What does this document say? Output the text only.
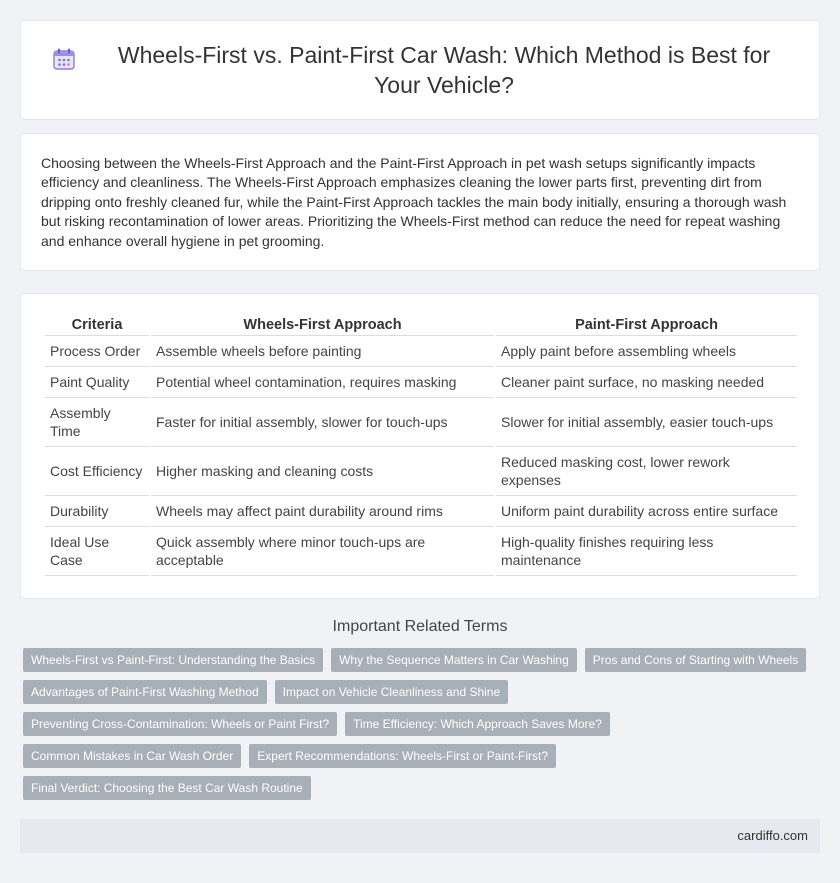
Wheels-First vs. Paint-First Car Wash: Which Method is Best for Your Vehicle?

Choosing between the Wheels-First Approach and the Paint-First Approach in pet wash setups significantly impacts efficiency and cleanliness. The Wheels-First Approach emphasizes cleaning the lower parts first, preventing dirt from dripping onto freshly cleaned fur, while the Paint-First Approach tackles the main body initially, ensuring a thorough wash but risking recontamination of lower areas. Prioritizing the Wheels-First method can reduce the need for repeat washing and enhance overall hygiene in pet grooming.

Criteria	Wheels-First Approach	Paint-First Approach
Process Order	Assemble wheels before painting	Apply paint before assembling wheels
Paint Quality	Potential wheel contamination, requires masking	Cleaner paint surface, no masking needed
Assembly Time	Faster for initial assembly, slower for touch-ups	Slower for initial assembly, easier touch-ups
Cost Efficiency	Higher masking and cleaning costs	Reduced masking cost, lower rework expenses
Durability	Wheels may affect paint durability around rims	Uniform paint durability across entire surface
Ideal Use Case	Quick assembly where minor touch-ups are acceptable	High-quality finishes requiring less maintenance
Important Related Terms
Wheels-First vs Paint-First: Understanding the Basics	Why the Sequence Matters in Car Washing	Pros and Cons of Starting with Wheels
Advantages of Paint-First Washing Method	Impact on Vehicle Cleanliness and Shine
Preventing Cross-Contamination: Wheels or Paint First?	Time Efficiency: Which Approach Saves More?
Common Mistakes in Car Wash Order	Expert Recommendations: Wheels-First or Paint-First?
Final Verdict: Choosing the Best Car Wash Routine
cardiffo.com
